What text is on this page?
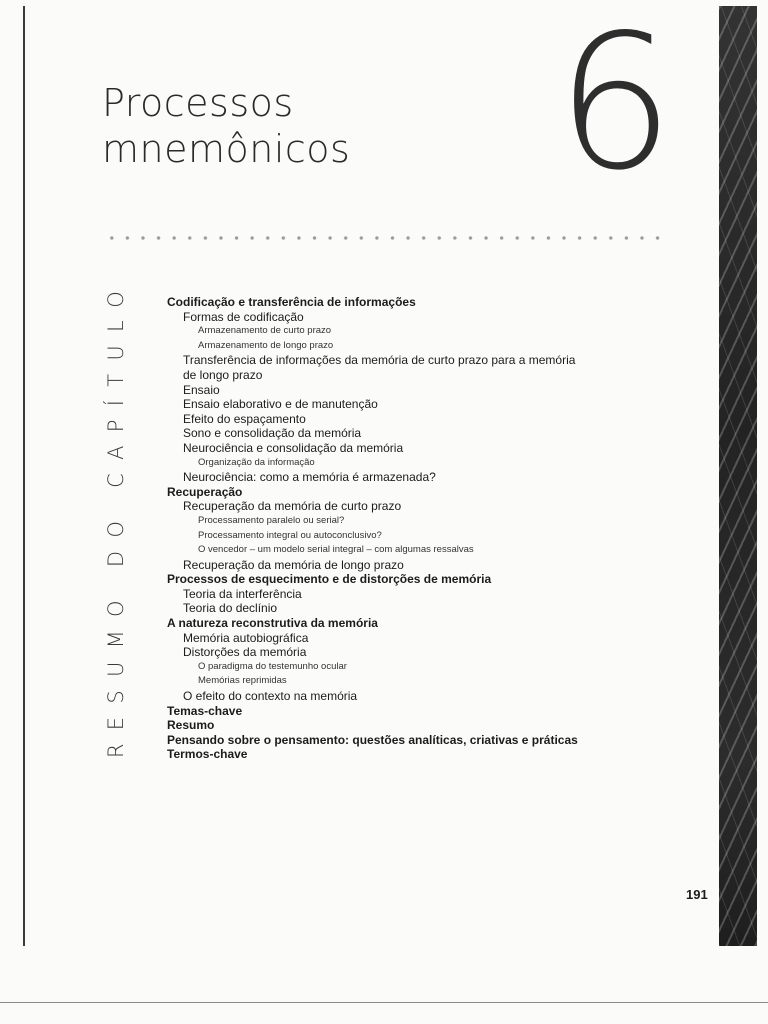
Processos
mnemônicos 6
RESUMO DO CAPÍTULO	Codificação e transferência de informações
Formas de codificação
Armazenamento de curto prazo
Armazenamento de longo prazo
Transferência de informações da memória de curto prazo para a memória
de longo prazo
Ensaio
Ensaio elaborativo e de manutenção
Efeito do espaçamento
Sono e consolidação da memória
Neurociência e consolidação da memória
Organização da informação
Neurociência: como a memória é armazenada?
Recuperação
Recuperação da memória de curto prazo
Processamento paralelo ou serial?
Processamento integral ou autoconclusivo?
O vencedor – um modelo serial integral – com algumas ressalvas
Recuperação da memória de longo prazo
Processos de esquecimento e de distorções de memória
Teoria da interferência
Teoria do declínio
A natureza reconstrutiva da memória
Memória autobiográfica
Distorções da memória
O paradigma do testemunho ocular
Memórias reprimidas
O efeito do contexto na memória
Temas-chave
Resumo
Pensando sobre o pensamento: questões analíticas, criativas e práticas
Termos-chave
191
